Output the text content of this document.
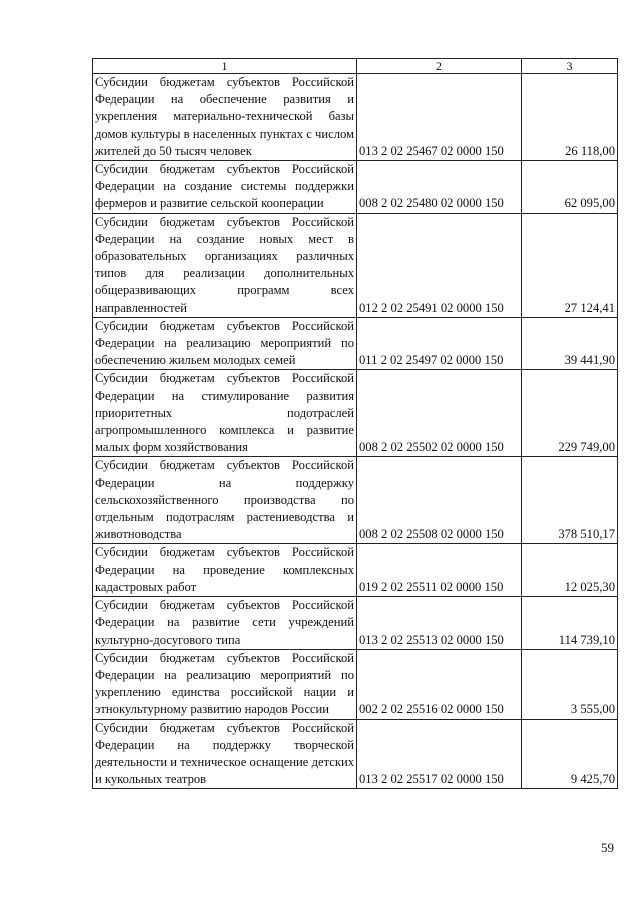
1	2	3
Субсидии бюджетам субъектов Российской Федерации на обеспечение развития и укрепления материально-технической базы домов культуры в населенных пунктах с числом жителей до 50 тысяч человек	013 2 02 25467 02 0000 150	26 118,00
Субсидии бюджетам субъектов Российской Федерации на создание системы поддержки фермеров и развитие сельской кооперации	008 2 02 25480 02 0000 150	62 095,00
Субсидии бюджетам субъектов Российской Федерации на создание новых мест в образовательных организациях различных типов для реализации дополнительных общеразвивающих программ всех направленностей	012 2 02 25491 02 0000 150	27 124,41
Субсидии бюджетам субъектов Российской Федерации на реализацию мероприятий по обеспечению жильем молодых семей	011 2 02 25497 02 0000 150	39 441,90
Субсидии бюджетам субъектов Российской Федерации на стимулирование развития приоритетных подотраслей агропромышленного комплекса и развитие малых форм хозяйствования	008 2 02 25502 02 0000 150	229 749,00
Субсидии бюджетам субъектов Российской Федерации на поддержку сельскохозяйственного производства по отдельным подотраслям растениеводства и животноводства	008 2 02 25508 02 0000 150	378 510,17
Субсидии бюджетам субъектов Российской Федерации на проведение комплексных кадастровых работ	019 2 02 25511 02 0000 150	12 025,30
Субсидии бюджетам субъектов Российской Федерации на развитие сети учреждений культурно-досугового типа	013 2 02 25513 02 0000 150	114 739,10
Субсидии бюджетам субъектов Российской Федерации на реализацию мероприятий по укреплению единства российской нации и этнокультурному развитию народов России	002 2 02 25516 02 0000 150	3 555,00
Субсидии бюджетам субъектов Российской Федерации на поддержку творческой деятельности и техническое оснащение детских и кукольных театров	013 2 02 25517 02 0000 150	9 425,70
59
